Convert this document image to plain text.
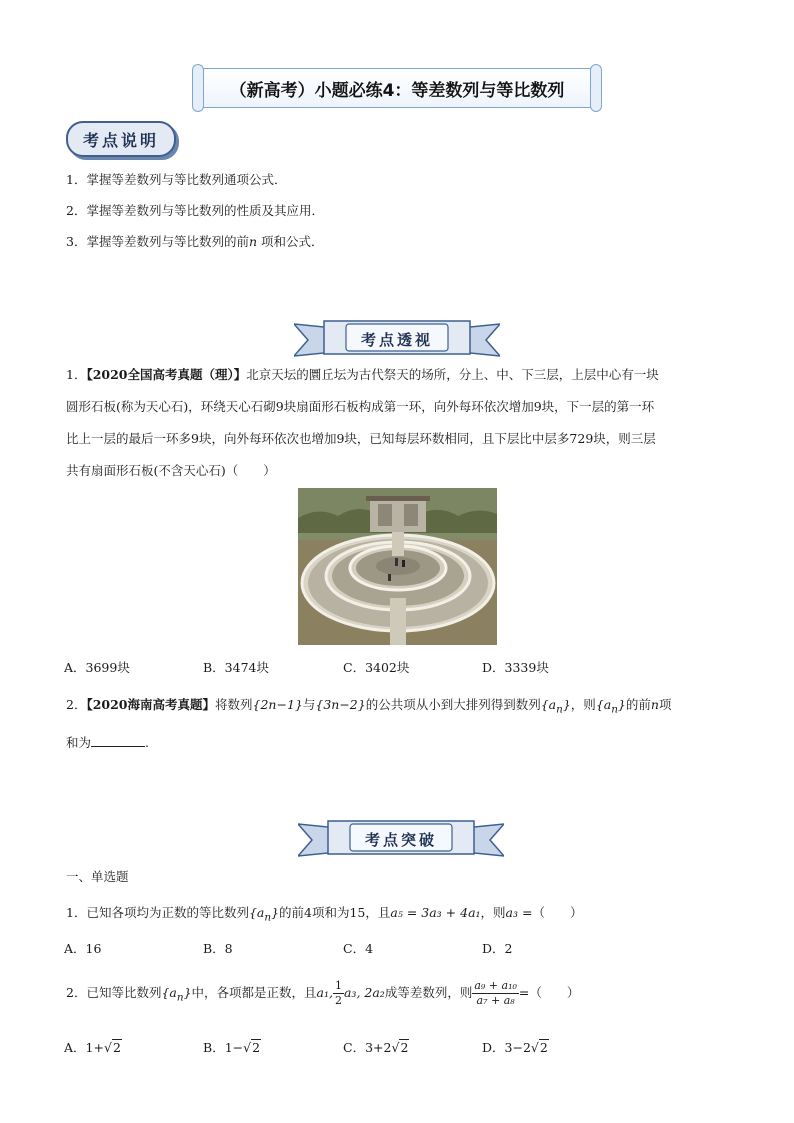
（新高考）小题必练4：等差数列与等比数列
考点说明
1．掌握等差数列与等比数列通项公式．
2．掌握等差数列与等比数列的性质及其应用．
3．掌握等差数列与等比数列的前n 项和公式．
考点透视
1．【2020全国高考真题（理）】北京天坛的圜丘坛为古代祭天的场所，分上、中、下三层，上层中心有一块
圆形石板(称为天心石)，环绕天心石砌9块扇面形石板构成第一环，向外每环依次增加9块，下一层的第一环
比上一层的最后一环多9块，向外每环依次也增加9块，已知每层环数相同，且下层比中层多729块，则三层
共有扇面形石板(不含天心石)（　　）
A．3699块	B．3474块	C．3402块	D．3339块
2．【2020海南高考真题】将数列{2n−1}与{3n−2}的公共项从小到大排列得到数列$\{a_n\}$，则$\{a_n\}$的前n项
和为	.
考点突破
一、单选题
1．已知各项均为正数的等比数列$\{a_n\}$的前4项和为15，且a₅ = 3a₃ + 4a₁，则a₃ =（　　）
A．16	B．8	C．4	D．2
2．已知等比数列$\{a_n\}$中，各项都是正数，且a₁, $\frac{1}{2} a_3$, 2a₂成等差数列，则 $\frac{\text{a₉ + a₁₀}}{\text{a₇ + a₈}}$ =（　　）
A．1+√2	B．1−√2	C．3+2√2	D．3−2√2
